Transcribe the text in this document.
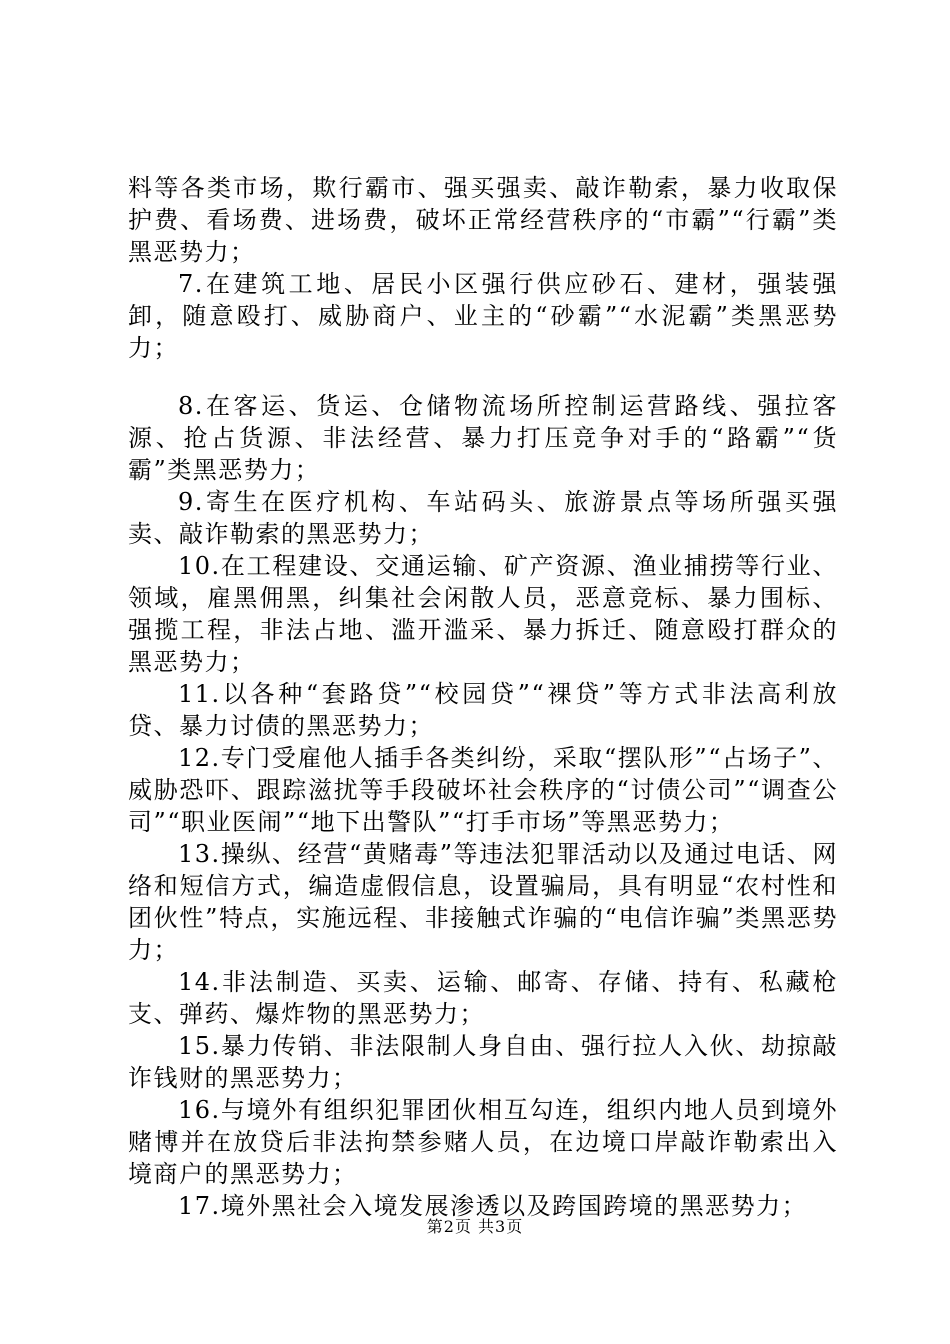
料等各类市场，欺行霸市、强买强卖、敲诈勒索，暴力收取保护费、看场费、进场费，破坏正常经营秩序的“市霸”“行霸”类黑恶势力；

7.在建筑工地、居民小区强行供应砂石、建材，强装强卸，随意殴打、威胁商户、业主的“砂霸”“水泥霸”类黑恶势力；

8.在客运、货运、仓储物流场所控制运营路线、强拉客源、抢占货源、非法经营、暴力打压竞争对手的“路霸”“货霸”类黑恶势力；

9.寄生在医疗机构、车站码头、旅游景点等场所强买强卖、敲诈勒索的黑恶势力；

10.在工程建设、交通运输、矿产资源、渔业捕捞等行业、领域，雇黑佣黑，纠集社会闲散人员，恶意竞标、暴力围标、强揽工程，非法占地、滥开滥采、暴力拆迁、随意殴打群众的黑恶势力；

11.以各种“套路贷”“校园贷”“裸贷”等方式非法高利放贷、暴力讨债的黑恶势力；

12.专门受雇他人插手各类纠纷，采取“摆队形”“占场子”、威胁恐吓、跟踪滋扰等手段破坏社会秩序的“讨债公司”“调查公司”“职业医闹”“地下出警队”“打手市场”等黑恶势力；

13.操纵、经营“黄赌毒”等违法犯罪活动以及通过电话、网络和短信方式，编造虚假信息，设置骗局，具有明显“农村性和团伙性”特点，实施远程、非接触式诈骗的“电信诈骗”类黑恶势力；

14.非法制造、买卖、运输、邮寄、存储、持有、私藏枪支、弹药、爆炸物的黑恶势力；

15.暴力传销、非法限制人身自由、强行拉人入伙、劫掠敲诈钱财的黑恶势力；

16.与境外有组织犯罪团伙相互勾连，组织内地人员到境外赌博并在放贷后非法拘禁参赌人员，在边境口岸敲诈勒索出入境商户的黑恶势力；

17.境外黑社会入境发展渗透以及跨国跨境的黑恶势力；

第2页 共3页
